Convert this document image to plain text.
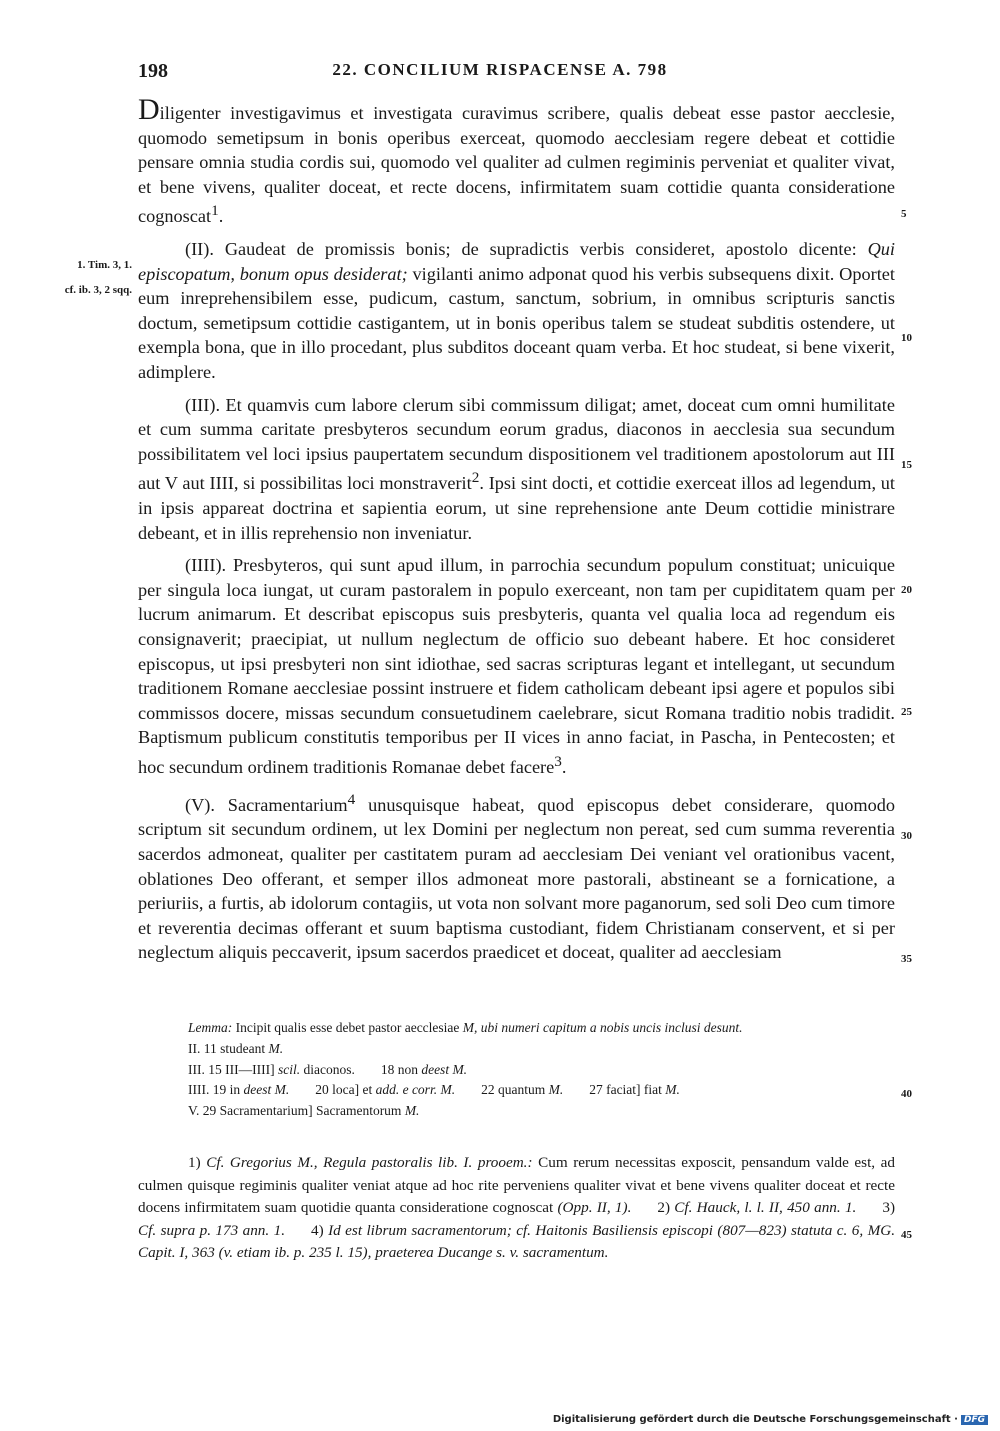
198	22. CONCILIUM RISPACENSE A. 798

Diligenter investigavimus et investigata curavimus scribere, qualis debeat esse pastor aecclesie, quomodo semetipsum in bonis operibus exerceat, quomodo aecclesiam regere debeat et cottidie pensare omnia studia cordis sui, quomodo vel qualiter ad culmen regiminis perveniat et qualiter vivat, et bene vivens, qualiter doceat, et recte docens, infirmitatem suam cottidie quanta consideratione cognoscat$^1$.

(II). Gaudeat de promissis bonis; de supradictis verbis consideret, apostolo dicente: Qui episcopatum, bonum opus desiderat; vigilanti animo adponat quod his verbis subsequens dixit. Oportet eum inreprehensibilem esse, pudicum, castum, sanctum, sobrium, in omnibus scripturis sanctis doctum, semetipsum cottidie castigantem, ut in bonis operibus talem se studeat subditis ostendere, ut exempla bona, que in illo procedant, plus subditos doceant quam verba. Et hoc studeat, si bene vixerit, adimplere.

(III). Et quamvis cum labore clerum sibi commissum diligat; amet, doceat cum omni humilitate et cum summa caritate presbyteros secundum eorum gradus, diaconos in aecclesia sua secundum possibilitatem vel loci ipsius paupertatem secundum dispositionem vel traditionem apostolorum aut III aut V aut IIII, si possibilitas loci monstraverit$^2$. Ipsi sint docti, et cottidie exerceat illos ad legendum, ut in ipsis appareat doctrina et sapientia eorum, ut sine reprehensione ante Deum cottidie ministrare debeant, et in illis reprehensio non inveniatur.

(IIII). Presbyteros, qui sunt apud illum, in parrochia secundum populum constituat; unicuique per singula loca iungat, ut curam pastoralem in populo exerceant, non tam per cupiditatem quam per lucrum animarum. Et describat episcopus suis presbyteris, quanta vel qualia loca ad regendum eis consignaverit; praecipiat, ut nullum neglectum de officio suo debeant habere. Et hoc consideret episcopus, ut ipsi presbyteri non sint idiothae, sed sacras scripturas legant et intellegant, ut secundum traditionem Romane aecclesiae possint instruere et fidem catholicam debeant ipsi agere et populos sibi commissos docere, missas secundum consuetudinem caelebrare, sicut Romana traditio nobis tradidit. Baptismum publicum constitutis temporibus per II vices in anno faciat, in Pascha, in Pentecosten; et hoc secundum ordinem traditionis Romanae debet facere$^3$.

(V). Sacramentarium$^4$ unusquisque habeat, quod episcopus debet considerare, quomodo scriptum sit secundum ordinem, ut lex Domini per neglectum non pereat, sed cum summa reverentia sacerdos admoneat, qualiter per castitatem puram ad aecclesiam Dei veniant vel orationibus vacent, oblationes Deo offerant, et semper illos admoneat more pastorali, abstineant se a fornicatione, a periuriis, a furtis, ab idolorum contagiis, ut vota non solvant more paganorum, sed soli Deo cum timore et reverentia decimas offerant et suum baptisma custodiant, fidem Christianam conservent, et si per neglectum aliquis peccaverit, ipsum sacerdos praedicet et doceat, qualiter ad aecclesiam

1. Tim. 3, 1.
cf. ib. 3, 2 sqq.
5
10
15
20
25
30
35
40
45
Lemma: Incipit qualis esse debet pastor aecclesiae M, ubi numeri capitum a nobis uncis inclusi desunt.
II. 11 studeant M.
III. 15 III—IIII] scil. diaconos. 18 non deest M.
IIII. 19 in deest M. 20 loca] et add. e corr. M. 22 quantum M. 27 faciat] fiat M.
V. 29 Sacramentarium] Sacramentorum M.

1) Cf. Gregorius M., Regula pastoralis lib. I. prooem.: Cum rerum necessitas exposcit, pensandum valde est, ad culmen quisque regiminis qualiter veniat atque ad hoc rite perveniens qualiter vivat et bene vivens qualiter doceat et recte docens infirmitatem suam quotidie quanta consideratione cognoscat (Opp. II, 1). 2) Cf. Hauck, l. l. II, 450 ann. 1. 3) Cf. supra p. 173 ann. 1. 4) Id est librum sacramentorum; cf. Haitonis Basiliensis episcopi (807—823) statuta c. 6, MG. Capit. I, 363 (v. etiam ib. p. 235 l. 15), praeterea Ducange s. v. sacramentum.

Digitalisierung gefördert durch die Deutsche Forschungsgemeinschaft · DFG
